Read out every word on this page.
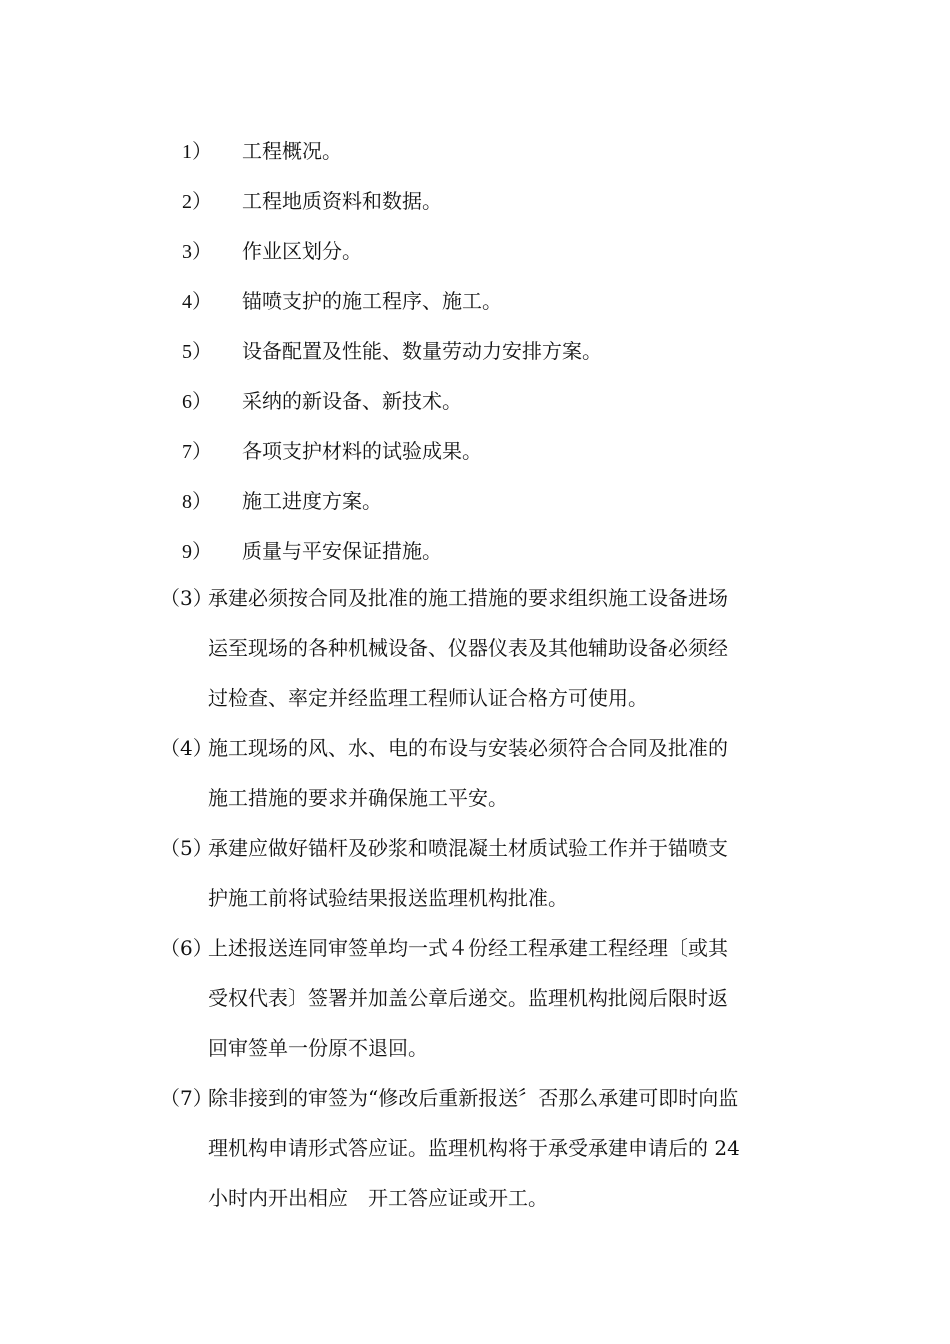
1） 工程概况。
2） 工程地质资料和数据。
3） 作业区划分。
4） 锚喷支护的施工程序、施工。
5） 设备配置及性能、数量劳动力安排方案。
6） 采纳的新设备、新技术。
7） 各项支护材料的试验成果。
8） 施工进度方案。
9） 质量与平安保证措施。
（3）
承建必须按合同及批准的施工措施的要求组织施工设备进场
运至现场的各种机械设备、仪器仪表及其他辅助设备必须经
过检查、率定并经监理工程师认证合格方可使用。
（4）
施工现场的风、水、电的布设与安装必须符合合同及批准的
施工措施的要求并确保施工平安。
（5）
承建应做好锚杆及砂浆和喷混凝土材质试验工作并于锚喷支
护施工前将试验结果报送监理机构批准。
（6）
上述报送连同审签单均一式４份经工程承建工程经理〔或其
受权代表〕签署并加盖公章后递交。监理机构批阅后限时返
回审签单一份原不退回。
（7）
除非接到的审签为“修改后重新报送〞否那么承建可即时向监
理机构申请形式答应证。监理机构将于承受承建申请后的 24
小时内开出相应　开工答应证或开工。
